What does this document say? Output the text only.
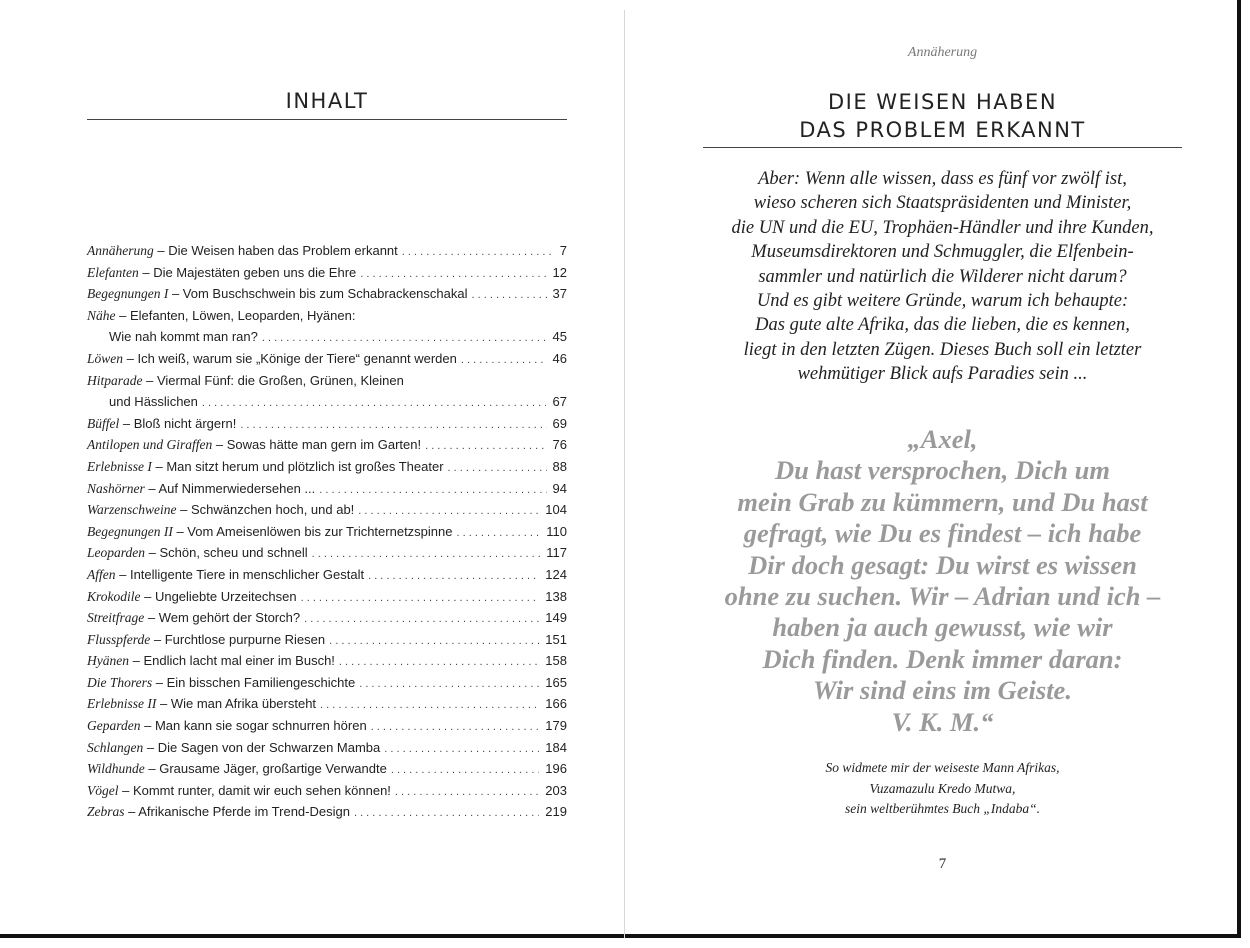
INHALT
Annäherung – Die Weisen haben das Problem erkannt . . .	7
Elefanten – Die Majestäten geben uns die Ehre . . .	12
Begegnungen I – Vom Buschschwein bis zum Schabrackenschakal . . .	37
Nähe – Elefanten, Löwen, Leoparden, Hyänen:
Wie nah kommt man ran? . . .	45
Löwen – Ich weiß, warum sie „Könige der Tiere“ genannt werden . . .	46
Hitparade – Viermal Fünf: die Großen, Grünen, Kleinen
und Hässlichen . . .	67
Büffel – Bloß nicht ärgern! . . .	69
Antilopen und Giraffen – Sowas hätte man gern im Garten! . . .	76
Erlebnisse I – Man sitzt herum und plötzlich ist großes Theater . . .	88
Nashörner – Auf Nimmerwiedersehen ... . . .	94
Warzenschweine – Schwänzchen hoch, und ab! . . .	104
Begegnungen II – Vom Ameisenlöwen bis zur Trichternetzspinne . . .	110
Leoparden – Schön, scheu und schnell . . .	117
Affen – Intelligente Tiere in menschlicher Gestalt . . .	124
Krokodile – Ungeliebte Urzeitechsen . . .	138
Streitfrage – Wem gehört der Storch? . . .	149
Flusspferde – Furchtlose purpurne Riesen . . .	151
Hyänen – Endlich lacht mal einer im Busch! . . .	158
Die Thorers – Ein bisschen Familiengeschichte . . .	165
Erlebnisse II – Wie man Afrika übersteht . . .	166
Geparden – Man kann sie sogar schnurren hören . . .	179
Schlangen – Die Sagen von der Schwarzen Mamba . . .	184
Wildhunde – Grausame Jäger, großartige Verwandte . . .	196
Vögel – Kommt runter, damit wir euch sehen können! . . .	203
Zebras – Afrikanische Pferde im Trend-Design . . .	219
Annäherung
DIE WEISEN HABEN
DAS PROBLEM ERKANNT
Aber: Wenn alle wissen, dass es fünf vor zwölf ist,
wieso scheren sich Staatspräsidenten und Minister,
die UN und die EU, Trophäen-Händler und ihre Kunden,
Museumsdirektoren und Schmuggler, die Elfenbein-
sammler und natürlich die Wilderer nicht darum?
Und es gibt weitere Gründe, warum ich behaupte:
Das gute alte Afrika, das die lieben, die es kennen,
liegt in den letzten Zügen. Dieses Buch soll ein letzter
wehmütiger Blick aufs Paradies sein ...
„Axel,
Du hast versprochen, Dich um
mein Grab zu kümmern, und Du hast
gefragt, wie Du es findest – ich habe
Dir doch gesagt: Du wirst es wissen
ohne zu suchen. Wir – Adrian und ich –
haben ja auch gewusst, wie wir
Dich finden. Denk immer daran:
Wir sind eins im Geiste.
V. K. M.“
So widmete mir der weiseste Mann Afrikas,
Vuzamazulu Kredo Mutwa,
sein weltberühmtes Buch „Indaba“.
7
